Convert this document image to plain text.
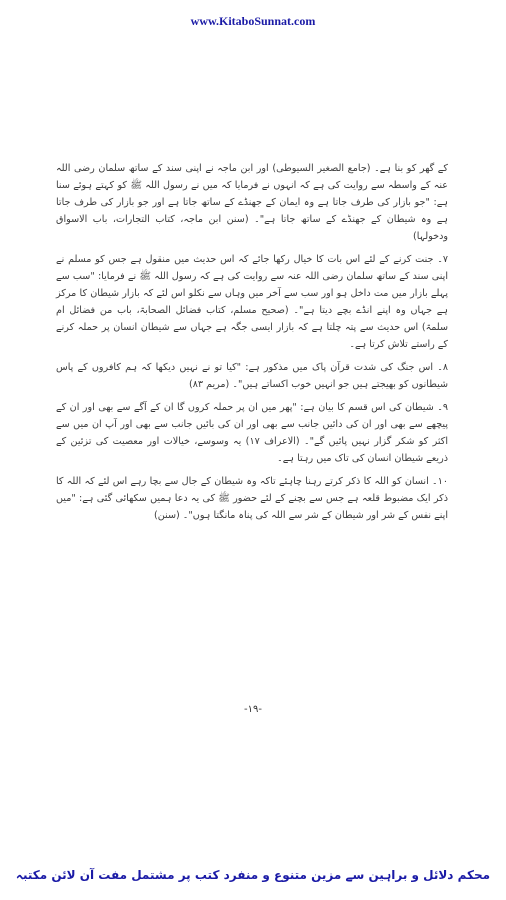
www.KitaboSunnat.com

کے گھر کو بنا ہے۔ (جامع الصغیر السیوطی) اور ابن ماجہ نے اپنی سند کے ساتھ سلمان رضی اللہ عنہ کے واسطہ سے روایت کی ہے کہ انہوں نے فرمایا کہ میں نے رسول اللہ ﷺ کو کہتے ہوئے سنا ہے: "جو بازار کی طرف جاتا ہے وہ ایمان کے جھنڈے کے ساتھ جاتا ہے اور جو بازار کی طرف جاتا ہے وہ شیطان کے جھنڈے کے ساتھ جاتا ہے"۔ (سنن ابن ماجہ، کتاب التجارات، باب الاسواق ودخولہا)

۷۔ جنت کرنے کے لئے اس بات کا خیال رکھا جائے کہ اس حدیث میں منقول ہے جس کو مسلم نے اپنی سند کے ساتھ سلمان رضی اللہ عنہ سے روایت کی ہے کہ رسول اللہ ﷺ نے فرمایا: "سب سے پہلے بازار میں مت داخل ہو اور سب سے آخر میں وہاں سے نکلو اس لئے کہ بازار شیطان کا مرکز ہے جہاں وہ اپنے انڈے بچے دیتا ہے"۔ (صحیح مسلم، کتاب فضائل الصحابۃ، باب من فضائل ام سلمۃ) اس حدیث سے پتہ چلتا ہے کہ بازار ایسی جگہ ہے جہاں سے شیطان انسان پر حملہ کرنے کے راستے تلاش کرتا ہے۔

۸۔ اس جنگ کی شدت قرآن پاک میں مذکور ہے: "کیا تو نے نہیں دیکھا کہ ہم کافروں کے پاس شیطانوں کو بھیجتے ہیں جو انہیں خوب اکساتے ہیں"۔ (مریم ۸۳)

۹۔ شیطان کی اس قسم کا بیان ہے: "پھر میں ان پر حملہ کروں گا ان کے آگے سے بھی اور ان کے پیچھے سے بھی اور ان کی دائیں جانب سے بھی اور ان کی بائیں جانب سے بھی اور آپ ان میں سے اکثر کو شکر گزار نہیں پائیں گے"۔ (الاعراف ۱۷) یہ وسوسے، خیالات اور معصیت کی تزئین کے ذریعے شیطان انسان کی تاک میں رہتا ہے۔

۱۰۔ انسان کو اللہ کا ذکر کرتے رہنا چاہئے تاکہ وہ شیطان کے جال سے بچا رہے اس لئے کہ اللہ کا ذکر ایک مضبوط قلعہ ہے جس سے بچنے کے لئے حضور ﷺ کی یہ دعا ہمیں سکھائی گئی ہے: "میں اپنے نفس کے شر اور شیطان کے شر سے اللہ کی پناہ مانگتا ہوں"۔ (سنن)

-۱۹-
محکم دلائل و براہین سے مزین متنوع و منفرد کتب پر مشتمل مفت آن لائن مکتبہ
